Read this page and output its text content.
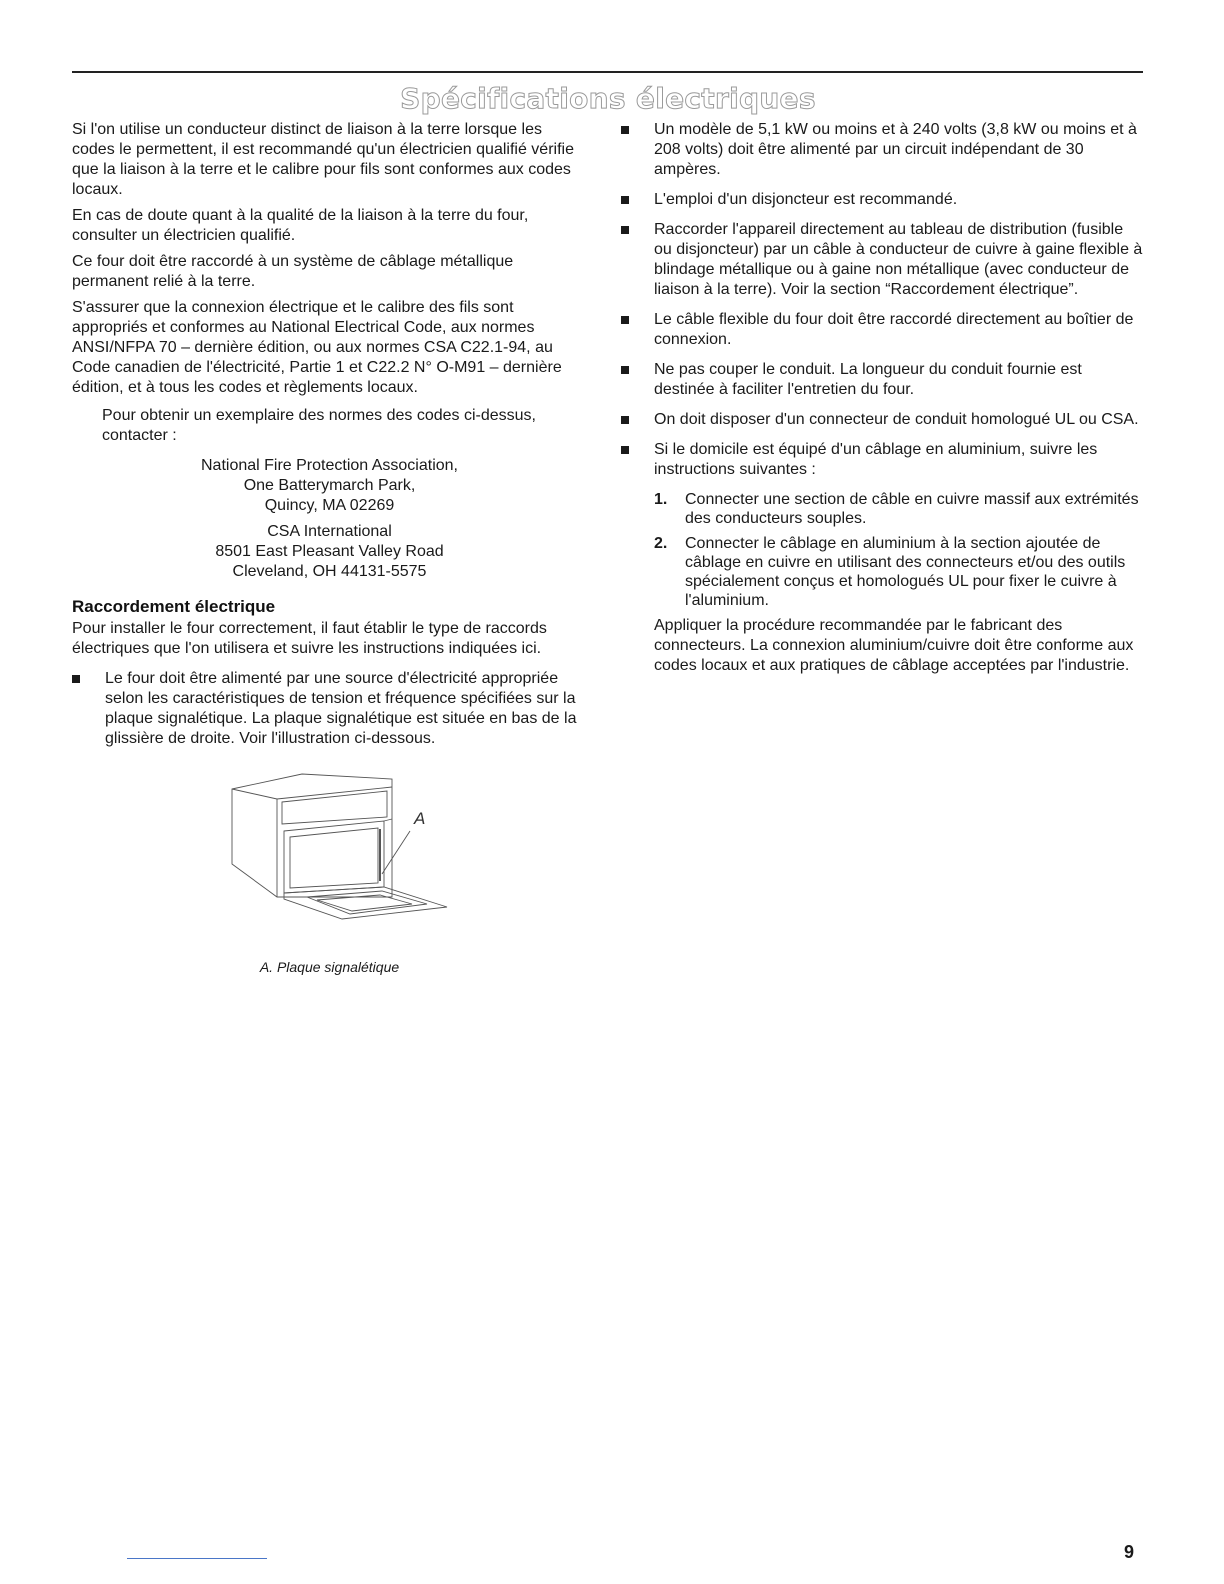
Spécifications électriques

Si l'on utilise un conducteur distinct de liaison à la terre lorsque les codes le permettent, il est recommandé qu'un électricien qualifié vérifie que la liaison à la terre et le calibre pour fils sont conformes aux codes locaux.

En cas de doute quant à la qualité de la liaison à la terre du four, consulter un électricien qualifié.

Ce four doit être raccordé à un système de câblage métallique permanent relié à la terre.

S'assurer que la connexion électrique et le calibre des fils sont appropriés et conformes au National Electrical Code, aux normes ANSI/NFPA 70 – dernière édition, ou aux normes CSA C22.1-94, au Code canadien de l'électricité, Partie 1 et C22.2 N° O-M91 – dernière édition, et à tous les codes et règlements locaux.

Pour obtenir un exemplaire des normes des codes ci-dessus, contacter :

National Fire Protection Association,

One Batterymarch Park,

Quincy, MA 02269

CSA International

8501 East Pleasant Valley Road

Cleveland, OH 44131-5575

Raccordement électrique

Pour installer le four correctement, il faut établir le type de raccords électriques que l'on utilisera et suivre les instructions indiquées ici.

Le four doit être alimenté par une source d'électricité appropriée selon les caractéristiques de tension et fréquence spécifiées sur la plaque signalétique. La plaque signalétique est située en bas de la glissière de droite. Voir l'illustration ci-dessous.
A
A. Plaque signalétique
Un modèle de 5,1 kW ou moins et à 240 volts (3,8 kW ou moins et à 208 volts) doit être alimenté par un circuit indépendant de 30 ampères.
L'emploi d'un disjoncteur est recommandé.
Raccorder l'appareil directement au tableau de distribution (fusible ou disjoncteur) par un câble à conducteur de cuivre à gaine flexible à blindage métallique ou à gaine non métallique (avec conducteur de liaison à la terre). Voir la section “Raccordement électrique”.
Le câble flexible du four doit être raccordé directement au boîtier de connexion.
Ne pas couper le conduit. La longueur du conduit fournie est destinée à faciliter l'entretien du four.
On doit disposer d'un connecteur de conduit homologué UL ou CSA.
Si le domicile est équipé d'un câblage en aluminium, suivre les instructions suivantes :
1. Connecter une section de câble en cuivre massif aux extrémités des conducteurs souples.
2. Connecter le câblage en aluminium à la section ajoutée de câblage en cuivre en utilisant des connecteurs et/ou des outils spécialement conçus et homologués UL pour fixer le cuivre à l'aluminium.

Appliquer la procédure recommandée par le fabricant des connecteurs. La connexion aluminium/cuivre doit être conforme aux codes locaux et aux pratiques de câblage acceptées par l'industrie.

9
